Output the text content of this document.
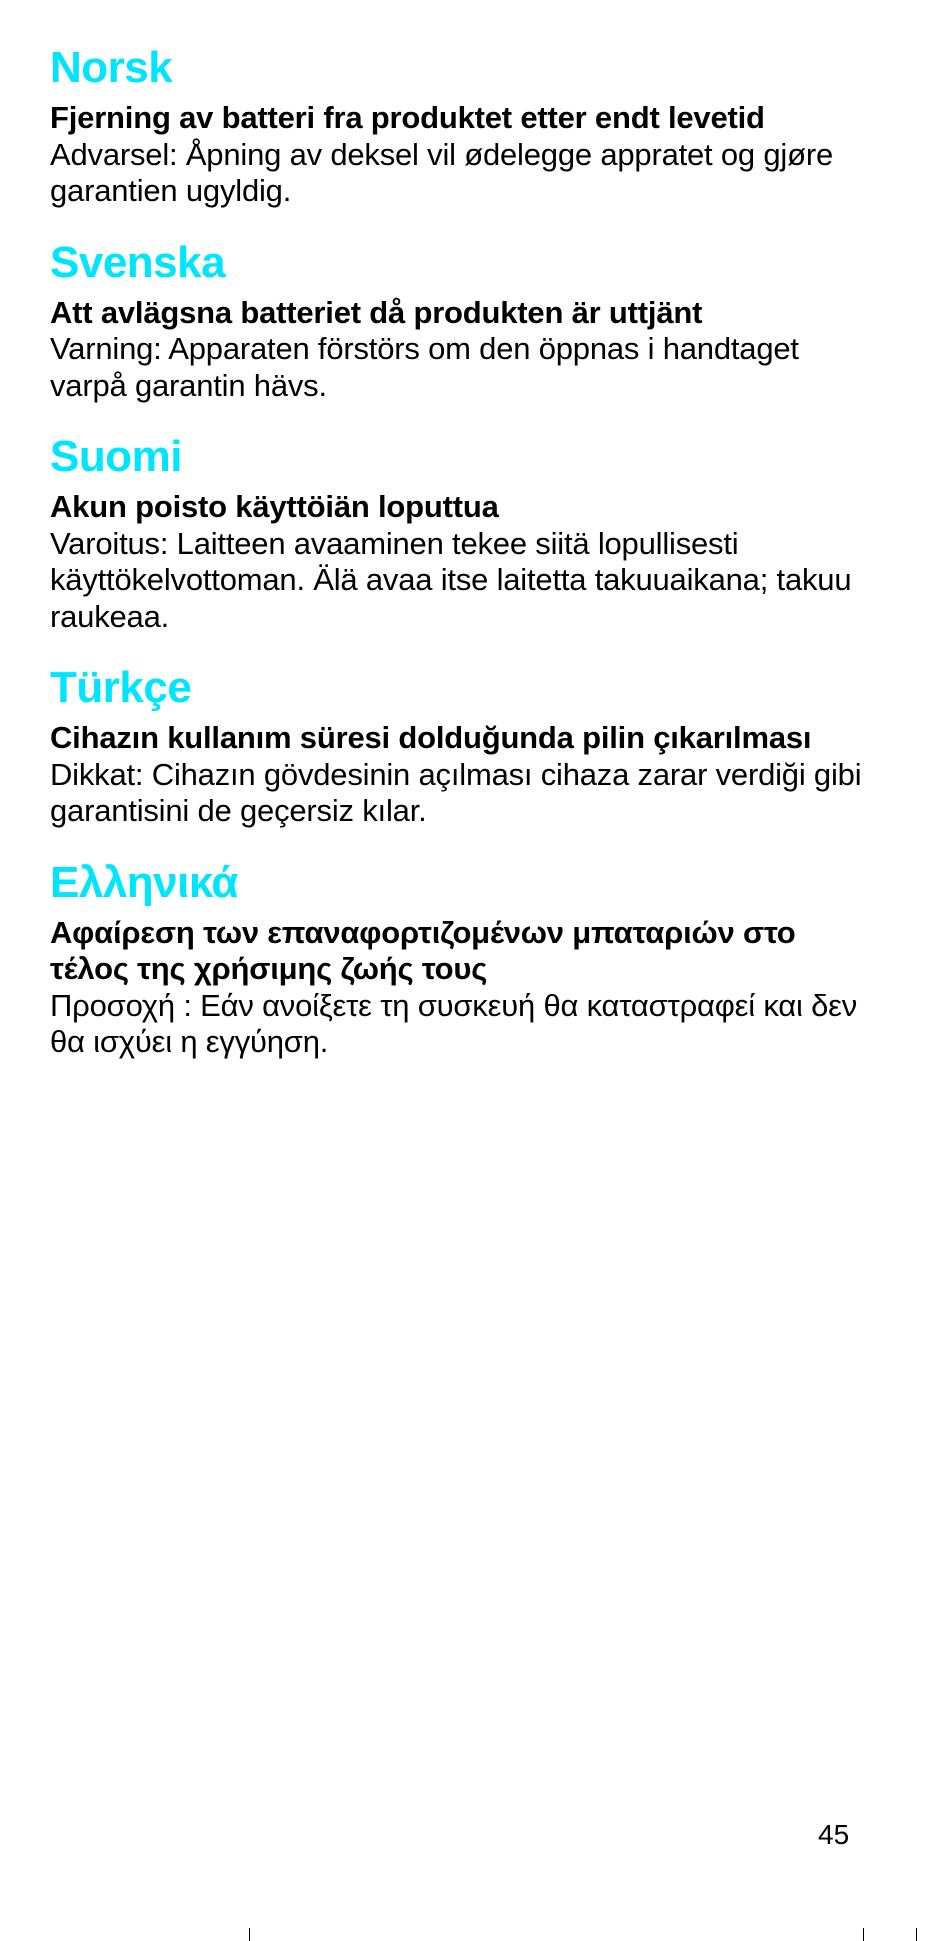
Norsk

Fjerning av batteri fra produktet etter endt levetid

Advarsel: Åpning av deksel vil ødelegge appratet og gjøre garantien ugyldig.

Svenska

Att avlägsna batteriet då produkten är uttjänt

Varning: Apparaten förstörs om den öppnas i handtaget varpå garantin hävs.

Suomi

Akun poisto käyttöiän loputtua

Varoitus: Laitteen avaaminen tekee siitä lopullisesti käyttökelvottoman. Älä avaa itse laitetta takuuaikana; takuu raukeaa.

Türkçe

Cihazın kullanım süresi dolduğunda pilin çıkarılması

Dikkat: Cihazın gövdesinin açılması cihaza zarar verdiği gibi garantisini de geçersiz kılar.

Ελληνικά

Αφαίρεση των επαναφορτιζομένων μπαταριών στο τέλος της χρήσιμης ζωής τους

Προσοχή : Εάν ανοίξετε τη συσκευή θα καταστραφεί και δεν θα ισχύει η εγγύηση.

45
